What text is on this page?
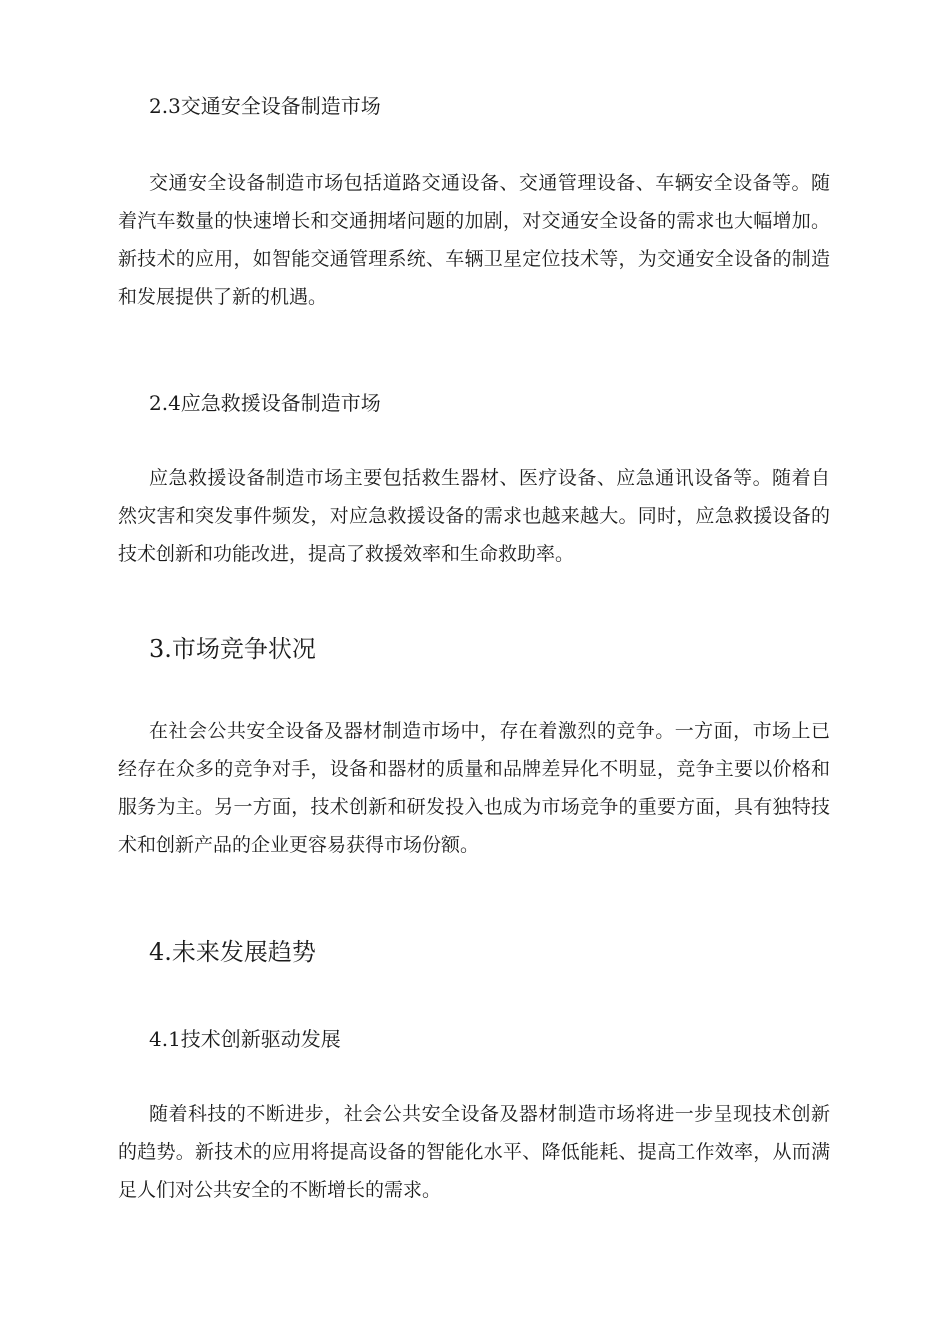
2.3交通安全设备制造市场

交通安全设备制造市场包括道路交通设备、交通管理设备、车辆安全设备等。随着汽车数量的快速增长和交通拥堵问题的加剧，对交通安全设备的需求也大幅增加。新技术的应用，如智能交通管理系统、车辆卫星定位技术等，为交通安全设备的制造和发展提供了新的机遇。

2.4应急救援设备制造市场

应急救援设备制造市场主要包括救生器材、医疗设备、应急通讯设备等。随着自然灾害和突发事件频发，对应急救援设备的需求也越来越大。同时，应急救援设备的技术创新和功能改进，提高了救援效率和生命救助率。

3.市场竞争状况

在社会公共安全设备及器材制造市场中，存在着激烈的竞争。一方面，市场上已经存在众多的竞争对手，设备和器材的质量和品牌差异化不明显，竞争主要以价格和服务为主。另一方面，技术创新和研发投入也成为市场竞争的重要方面，具有独特技术和创新产品的企业更容易获得市场份额。

4.未来发展趋势
4.1技术创新驱动发展

随着科技的不断进步，社会公共安全设备及器材制造市场将进一步呈现技术创新的趋势。新技术的应用将提高设备的智能化水平、降低能耗、提高工作效率，从而满足人们对公共安全的不断增长的需求。
